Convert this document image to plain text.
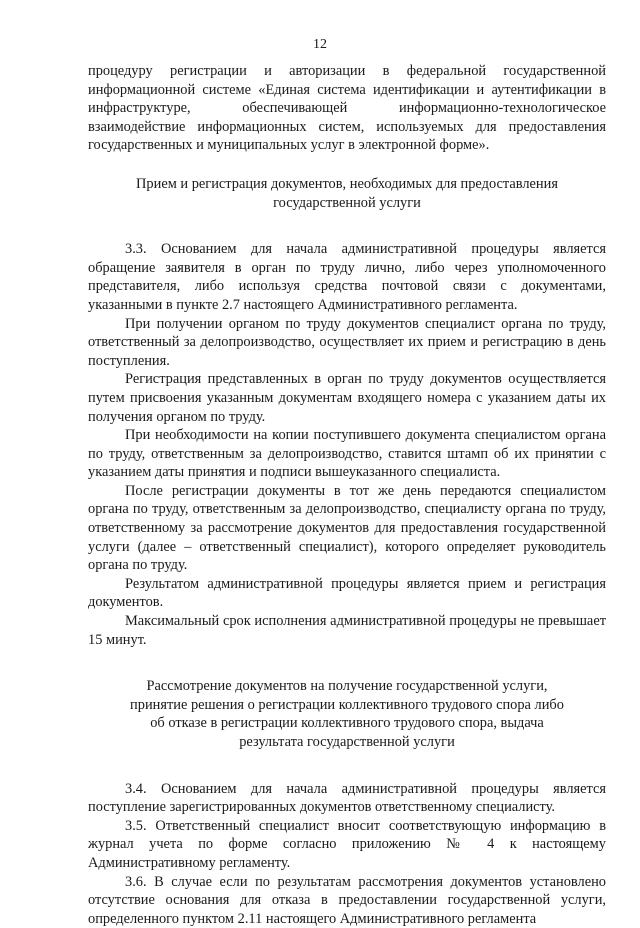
12

процедуру регистрации и авторизации в федеральной государственной информационной системе «Единая система идентификации и аутентификации в инфраструктуре, обеспечивающей информационно-технологическое взаимодействие информационных систем, используемых для предоставления государственных и муниципальных услуг в электронной форме».

Прием и регистрация документов, необходимых для предоставления государственной услуги

3.3. Основанием для начала административной процедуры является обращение заявителя в орган по труду лично, либо через уполномоченного представителя, либо используя средства почтовой связи с документами, указанными в пункте 2.7 настоящего Административного регламента.

При получении органом по труду документов специалист органа по труду, ответственный за делопроизводство, осуществляет их прием и регистрацию в день поступления.

Регистрация представленных в орган по труду документов осуществляется путем присвоения указанным документам входящего номера с указанием даты их получения органом по труду.

При необходимости на копии поступившего документа специалистом органа по труду, ответственным за делопроизводство, ставится штамп об их принятии с указанием даты принятия и подписи вышеуказанного специалиста.

После регистрации документы в тот же день передаются специалистом органа по труду, ответственным за делопроизводство, специалисту органа по труду, ответственному за рассмотрение документов для предоставления государственной услуги (далее – ответственный специалист), которого определяет руководитель органа по труду.

Результатом административной процедуры является прием и регистрация документов.

Максимальный срок исполнения административной процедуры не превышает 15 минут.

Рассмотрение документов на получение государственной услуги, принятие решения о регистрации коллективного трудового спора либо об отказе в регистрации коллективного трудового спора, выдача результата государственной услуги

3.4. Основанием для начала административной процедуры является поступление зарегистрированных документов ответственному специалисту.

3.5. Ответственный специалист вносит соответствующую информацию в журнал учета по форме согласно приложению № 4 к настоящему Административному регламенту.

3.6. В случае если по результатам рассмотрения документов установлено отсутствие основания для отказа в предоставлении государственной услуги, определенного пунктом 2.11 настоящего Административного регламента
